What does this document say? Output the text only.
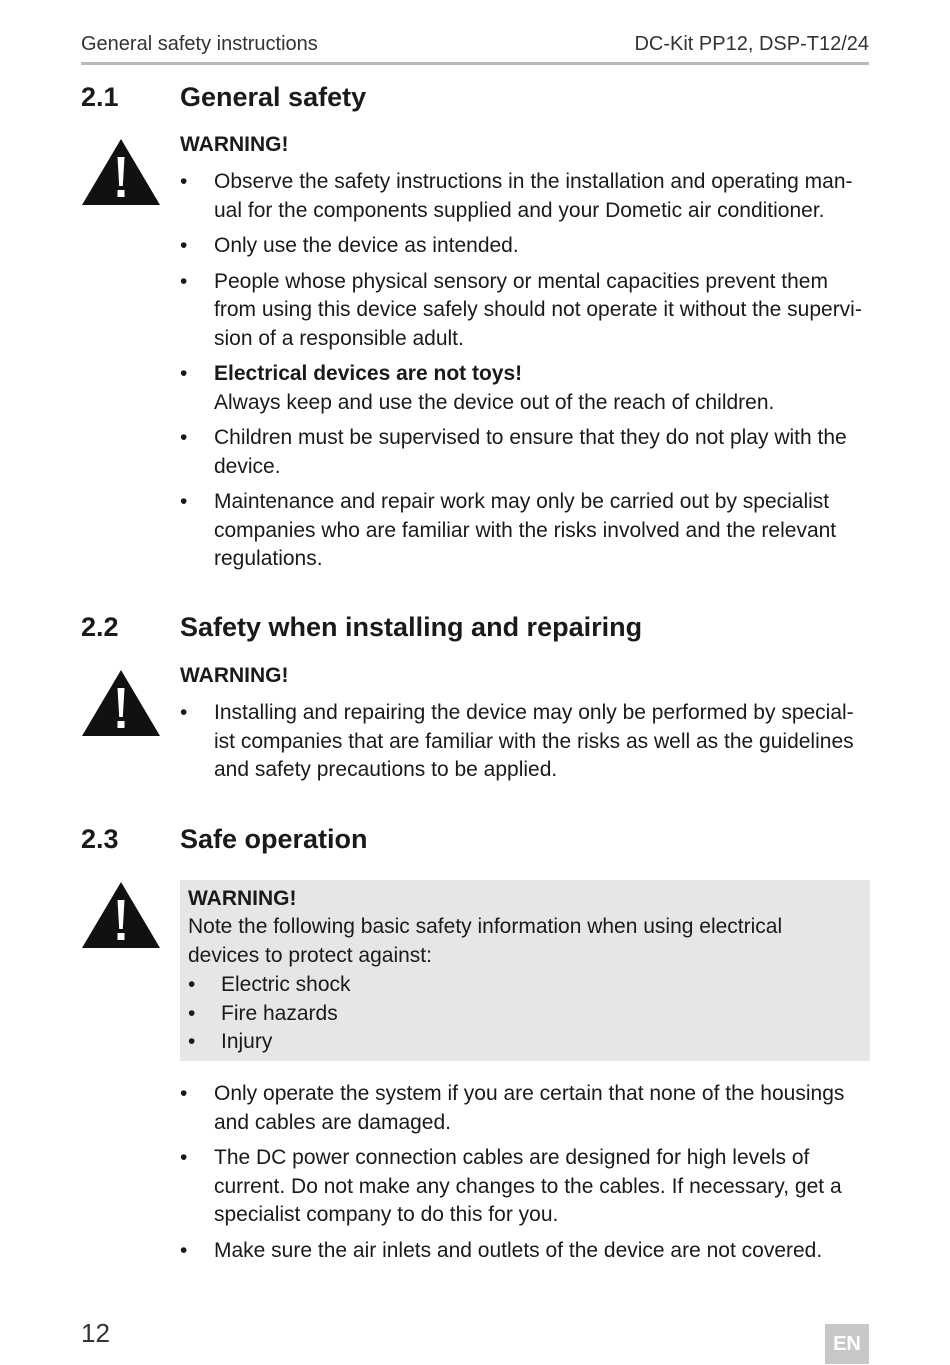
General safety instructions	DC-Kit PP12, DSP-T12/24
2.1 General safety
WARNING!
• Observe the safety instructions in the installation and operating man-ual for the components supplied and your Dometic air conditioner.
• Only use the device as intended.
• People whose physical sensory or mental capacities prevent them from using this device safely should not operate it without the supervi-sion of a responsible adult.
• Electrical devices are not toys!
Always keep and use the device out of the reach of children.
• Children must be supervised to ensure that they do not play with the device.
• Maintenance and repair work may only be carried out by specialist companies who are familiar with the risks involved and the relevant regulations.
2.2 Safety when installing and repairing
WARNING!
• Installing and repairing the device may only be performed by special-ist companies that are familiar with the risks as well as the guidelines and safety precautions to be applied.
2.3 Safe operation
WARNING!
Note the following basic safety information when using electrical devices to protect against:
• Electric shock
• Fire hazards
• Injury
• Only operate the system if you are certain that none of the housings and cables are damaged.
• The DC power connection cables are designed for high levels of current. Do not make any changes to the cables. If necessary, get a specialist company to do this for you.
• Make sure the air inlets and outlets of the device are not covered.
12	EN
